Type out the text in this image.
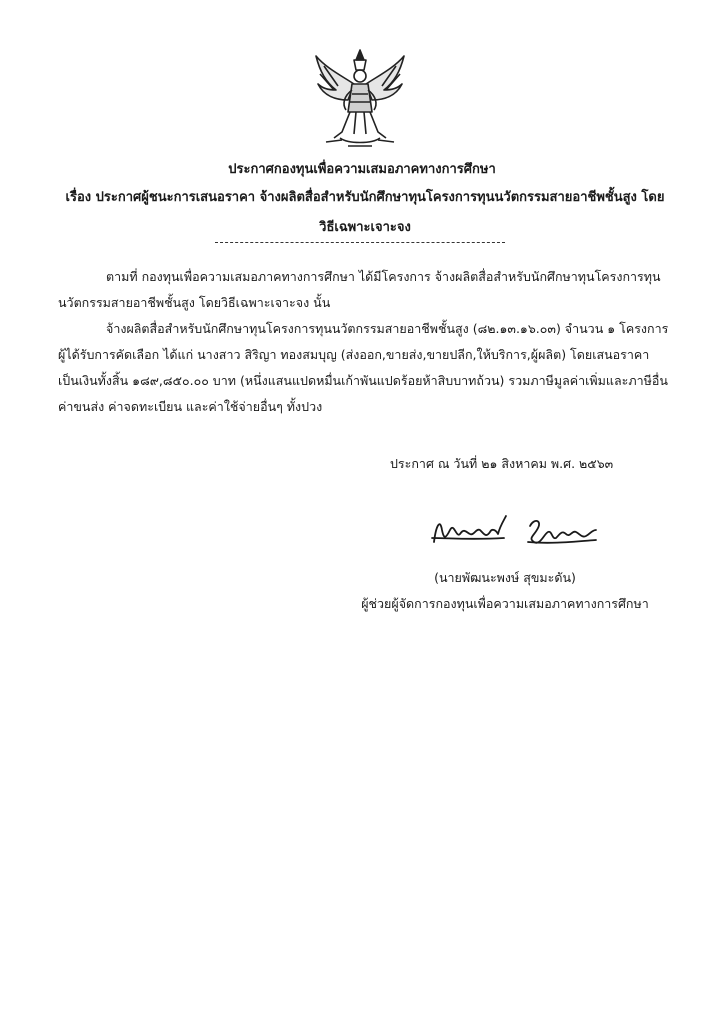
ประกาศกองทุนเพื่อความเสมอภาคทางการศึกษา
เรื่อง ประกาศผู้ชนะการเสนอราคา จ้างผลิตสื่อสำหรับนักศึกษาทุนโครงการทุนนวัตกรรมสายอาชีพชั้นสูง โดยวิธีเฉพาะเจาะจง
ตามที่ กองทุนเพื่อความเสมอภาคทางการศึกษา ได้มีโครงการ จ้างผลิตสื่อสำหรับนักศึกษาทุนโครงการทุนนวัตกรรมสายอาชีพชั้นสูง โดยวิธีเฉพาะเจาะจง นั้น
จ้างผลิตสื่อสำหรับนักศึกษาทุนโครงการทุนนวัตกรรมสายอาชีพชั้นสูง (๘๒.๑๓.๑๖.๐๓) จำนวน ๑ โครงการ ผู้ได้รับการคัดเลือก ได้แก่ นางสาว สิริญา ทองสมบุญ (ส่งออก,ขายส่ง,ขายปลีก,ให้บริการ,ผู้ผลิต) โดยเสนอราคา เป็นเงินทั้งสิ้น ๑๘๙,๘๕๐.๐๐ บาท (หนึ่งแสนแปดหมื่นเก้าพันแปดร้อยห้าสิบบาทถ้วน) รวมภาษีมูลค่าเพิ่มและภาษีอื่น ค่าขนส่ง ค่าจดทะเบียน และค่าใช้จ่ายอื่นๆ ทั้งปวง
ประกาศ ณ วันที่ ๒๑ สิงหาคม พ.ศ. ๒๕๖๓
(นายพัฒนะพงษ์ สุขมะดัน)
ผู้ช่วยผู้จัดการกองทุนเพื่อความเสมอภาคทางการศึกษา
